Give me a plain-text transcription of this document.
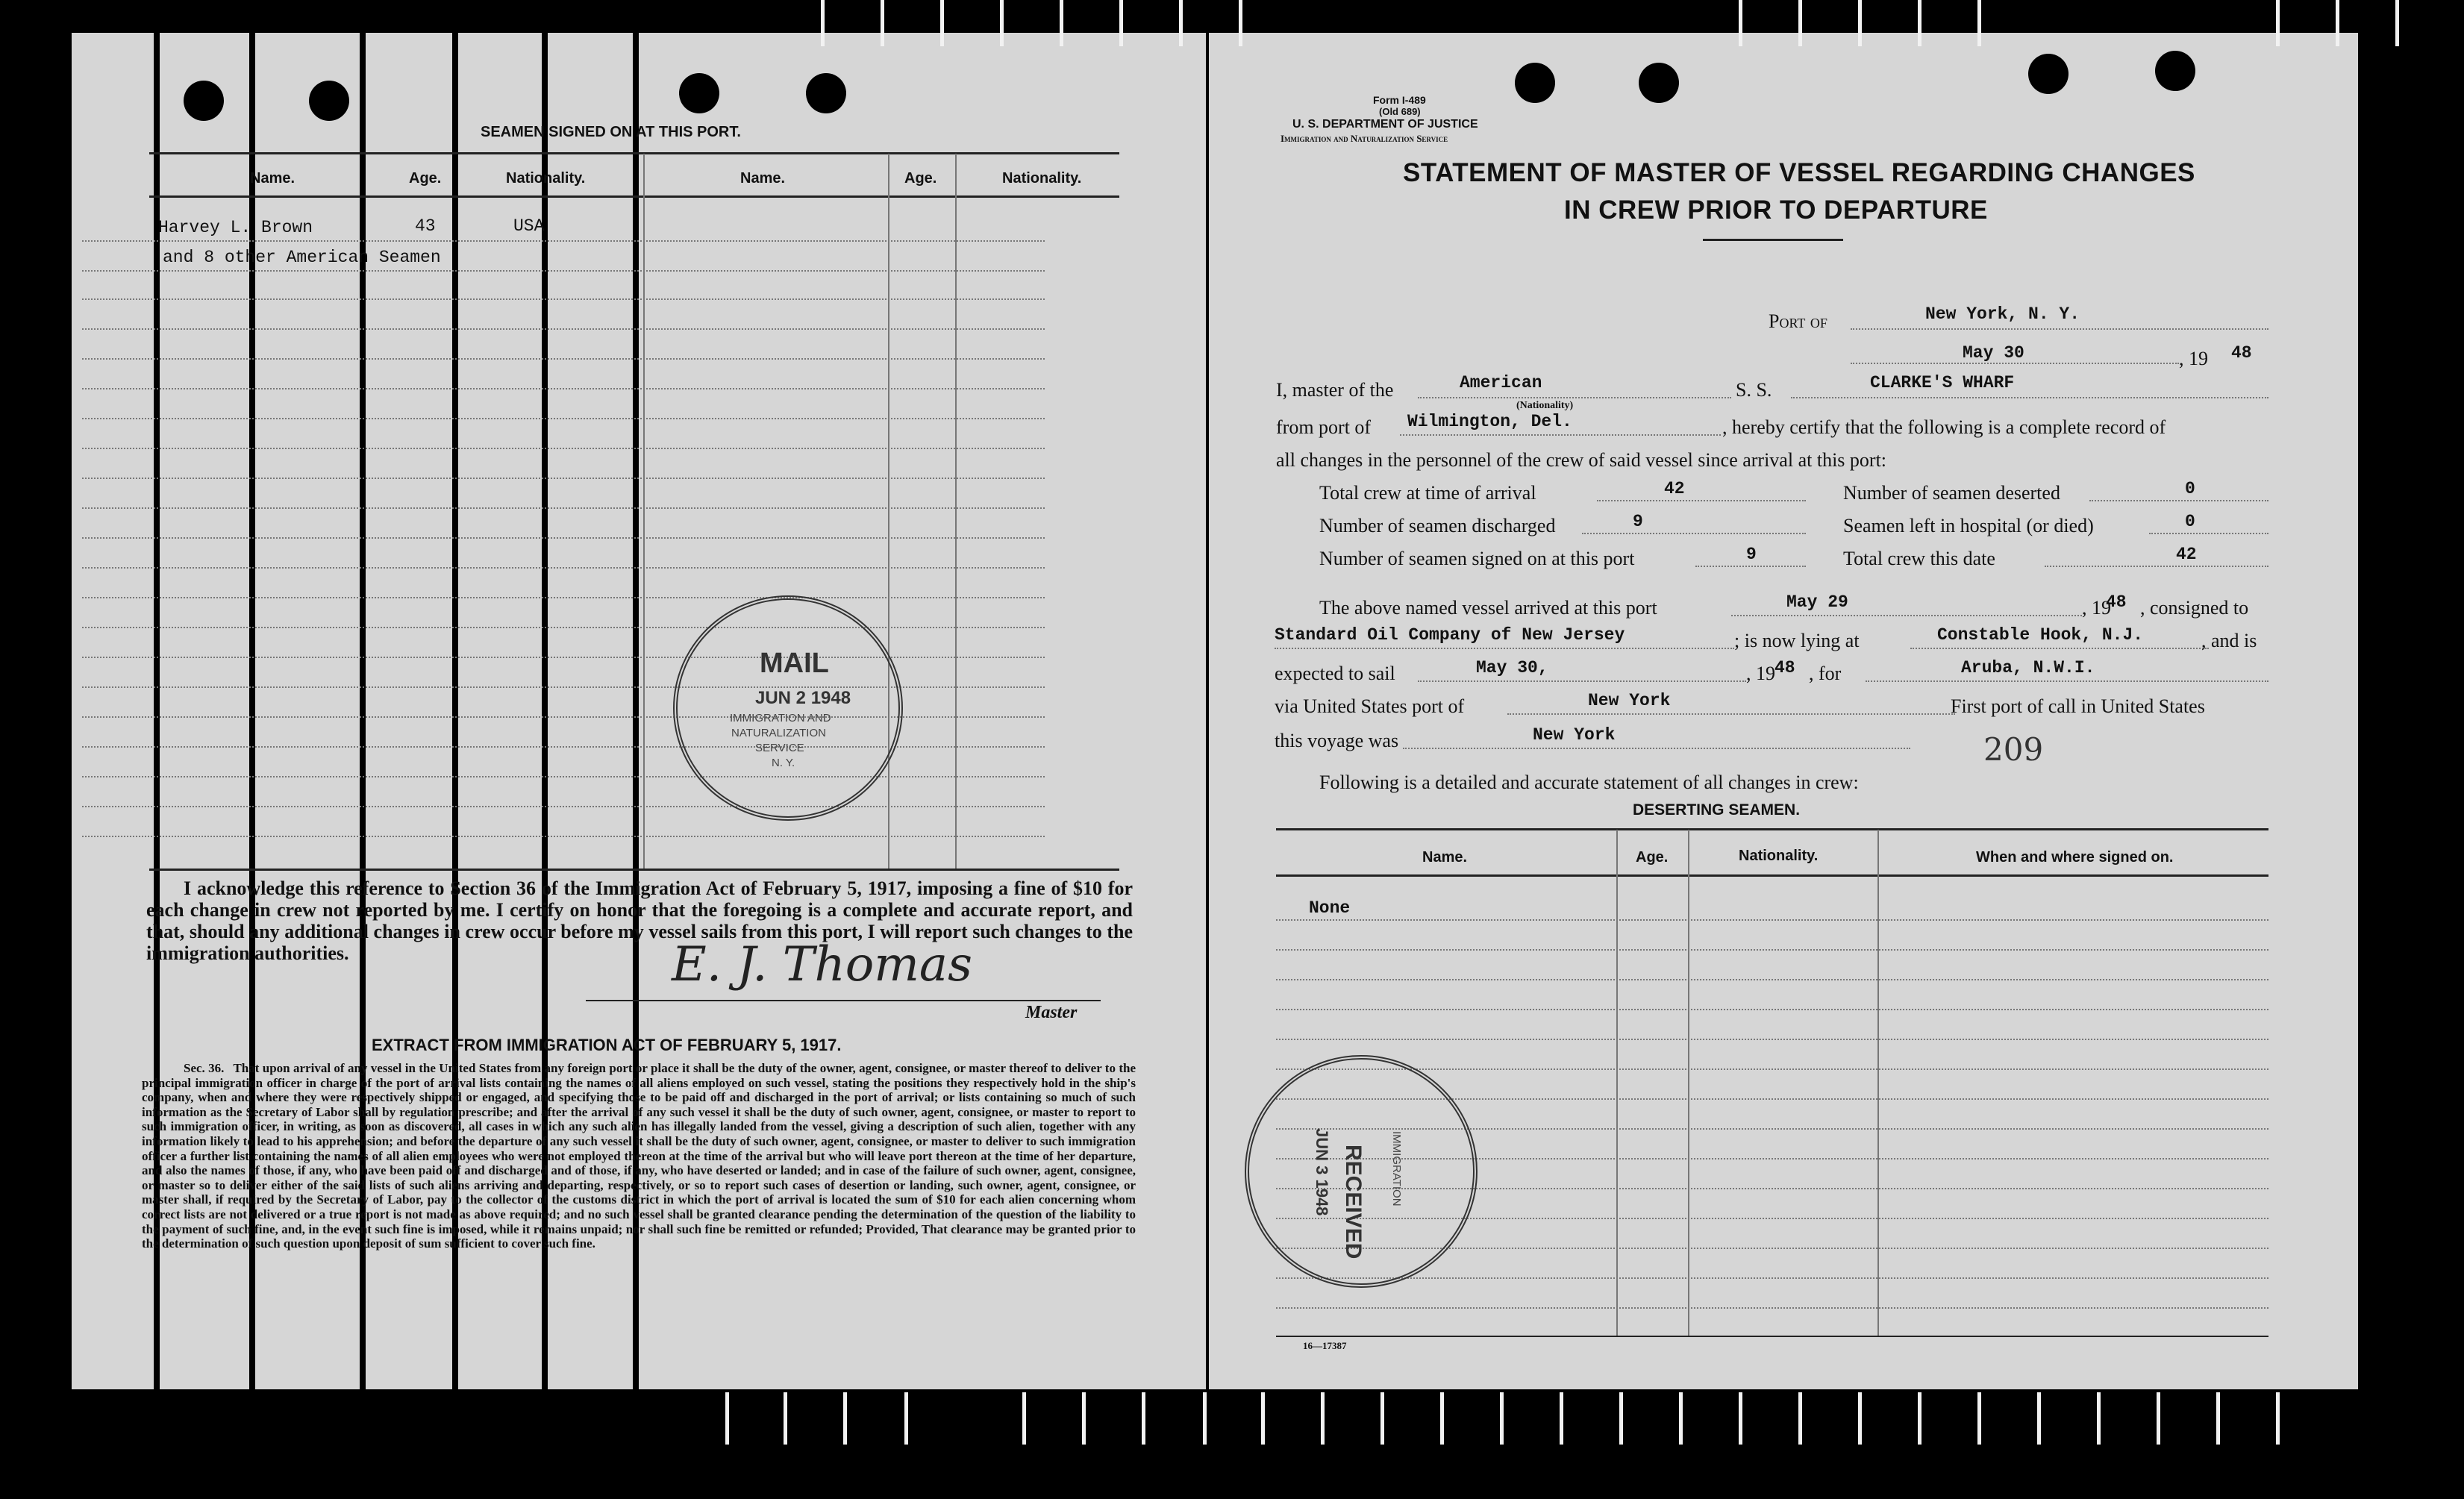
SEAMEN SIGNED ON AT THIS PORT.
Name.	Age.	Nationality.	Name.	Age.	Nationality.
Harvey L. Brown	43	USA
and 8 other American Seamen
MAIL
JUN 2 1948
IMMIGRATION AND
NATURALIZATION
SERVICE
N. Y.
I acknowledge this reference to Section 36 of the Immigration Act of February 5, 1917, imposing a fine of $10 for each change in crew not reported by me. I certify on honor that the foregoing is a complete and accurate report, and that, should any additional changes in crew occur before my vessel sails from this port, I will report such changes to the immigration authorities.	E. J. Thomas
Master
EXTRACT FROM IMMIGRATION ACT OF FEBRUARY 5, 1917.
Sec. 36. That upon arrival of any vessel in the United States from any foreign port or place it shall be the duty of the owner, agent, consignee, or master thereof to deliver to the principal immigration officer in charge of the port of arrival lists containing the names of all aliens employed on such vessel, stating the positions they respectively hold in the ship's company, when and where they were respectively shipped or engaged, and specifying those to be paid off and discharged in the port of arrival; or lists containing so much of such information as the Secretary of Labor shall by regulation prescribe; and after the arrival of any such vessel it shall be the duty of such owner, agent, consignee, or master to report to such immigration officer, in writing, as soon as discovered, all cases in which any such alien has illegally landed from the vessel, giving a description of such alien, together with any information likely to lead to his apprehension; and before the departure of any such vessel it shall be the duty of such owner, agent, consignee, or master to deliver to such immigration officer a further list containing the names of all alien employees who were not employed thereon at the time of the arrival but who will leave port thereon at the time of her departure, and also the names of those, if any, who have been paid off and discharged and of those, if any, who have deserted or landed; and in case of the failure of such owner, agent, consignee, or master so to deliver either of the said lists of such aliens arriving and departing, respectively, or so to report such cases of desertion or landing, such owner, agent, consignee, or master shall, if required by the Secretary of Labor, pay to the collector of the customs district in which the port of arrival is located the sum of $10 for each alien concerning whom correct lists are not delivered or a true report is not made as above required; and no such vessel shall be granted clearance pending the determination of the question of the liability to the payment of such fine, and, in the event such fine is imposed, while it remains unpaid; nor shall such fine be remitted or refunded; Provided, That clearance may be granted prior to the determination of such question upon deposit of sum sufficient to cover such fine.
Form I-489
(Old 689)
U. S. DEPARTMENT OF JUSTICE
Immigration and Naturalization Service
STATEMENT OF MASTER OF VESSEL REGARDING CHANGES
IN CREW PRIOR TO DEPARTURE
Port of	New York, N. Y.
May 30	, 19 48
I, master of the	American
(Nationality)
S. S.	CLARKE'S WHARF
from port of Wilmington, Del.	, hereby certify that the following is a complete record of
all changes in the personnel of the crew of said vessel since arrival at this port:
Total crew at time of arrival	42	Number of seamen deserted	0
Number of seamen discharged	9	Seamen left in hospital (or died)	0
Number of seamen signed on at this port	9	Total crew this date	42
The above named vessel arrived at this port	May 29	, 19
48 , consigned to
Standard Oil Company of New Jersey	; is now lying at	Constable Hook, N.J.	, and is
expected to sail	May 30,	, 19 48 , for	Aruba, N.W.I.
via United States port of	New York	First port of call in United States
this voyage was	New York	209
Following is a detailed and accurate statement of all changes in crew:
DESERTING SEAMEN.
Name.	Age.	Nationality.	When and where signed on.
None
RECEIVED
JUN 3 1948	IMMIGRATION
16—17387
